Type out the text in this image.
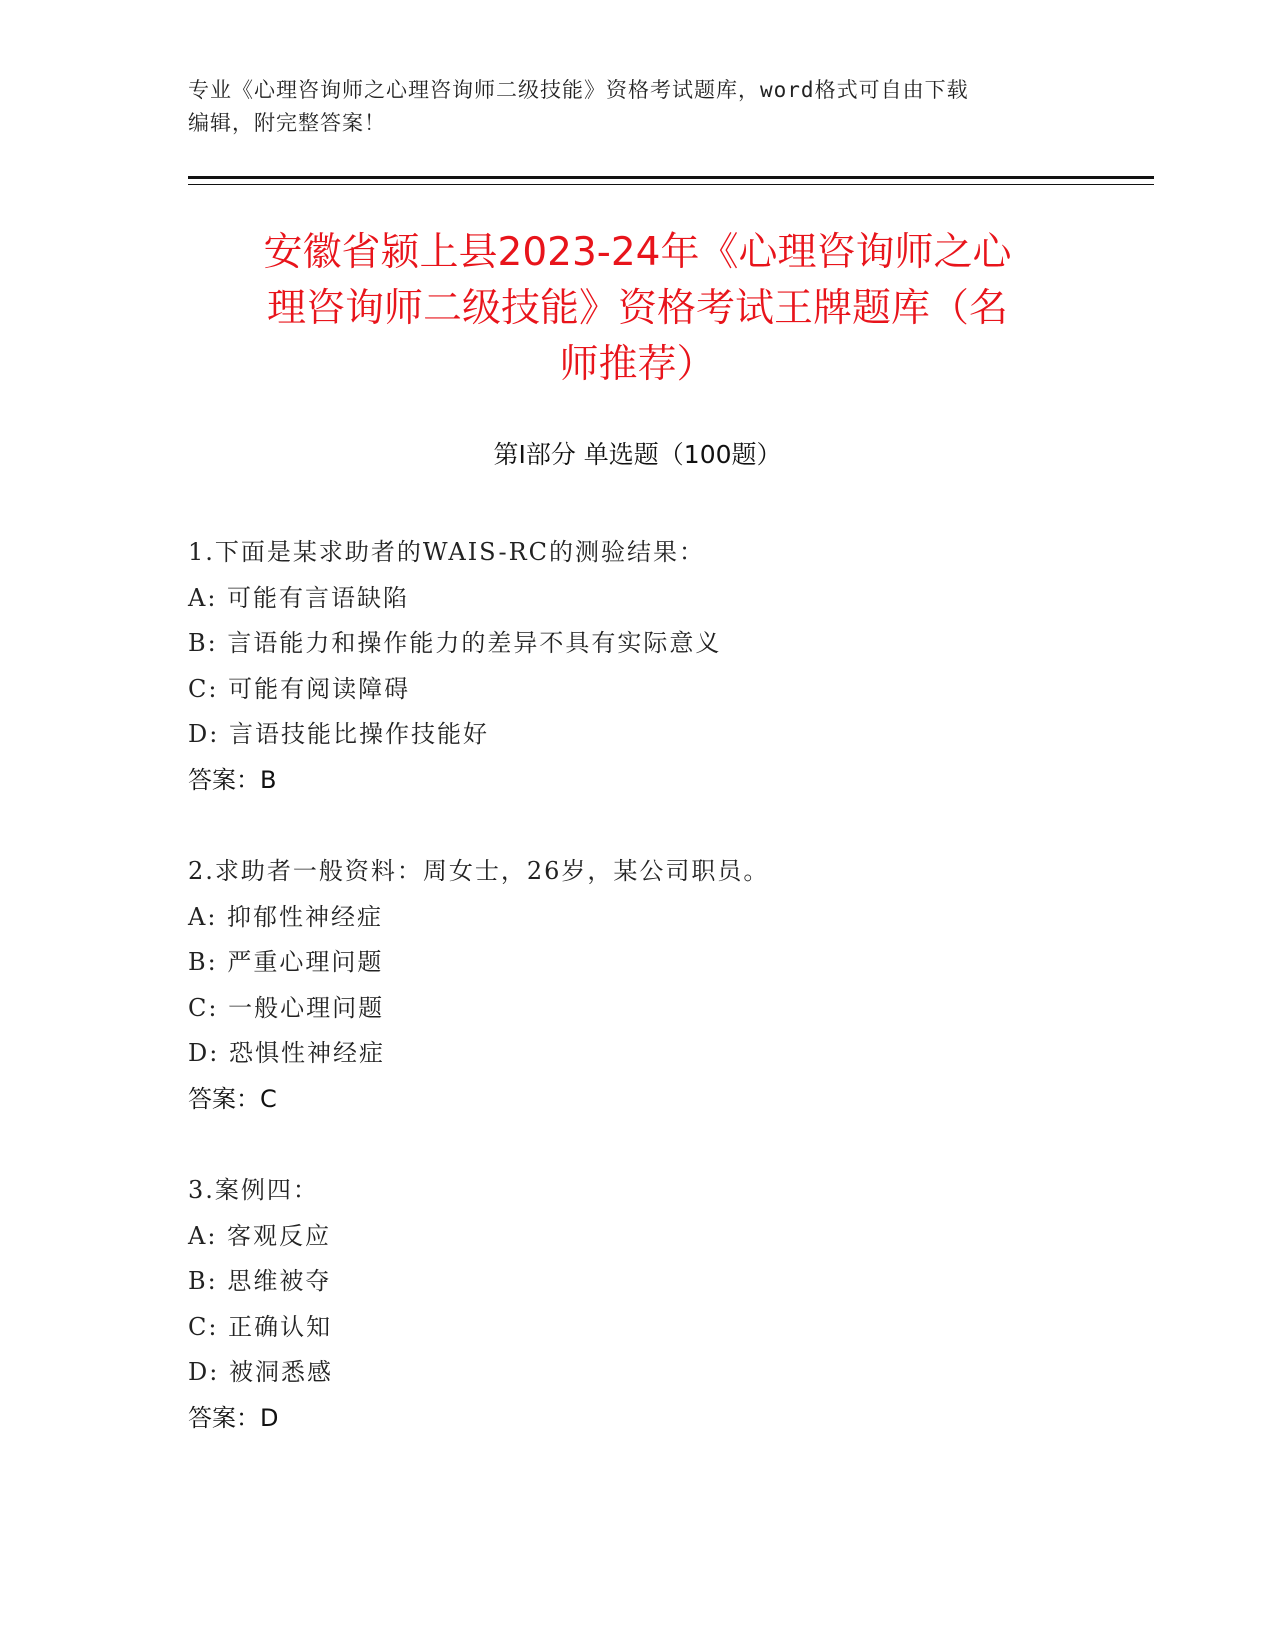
专业《心理咨询师之心理咨询师二级技能》资格考试题库，word格式可自由下载
编辑，附完整答案！
安徽省颍上县2023-24年《心理咨询师之心
理咨询师二级技能》资格考试王牌题库（名
师推荐）
第Ⅰ部分 单选题（100题）
1.下面是某求助者的WAIS-RC的测验结果：
A: 可能有言语缺陷
B: 言语能力和操作能力的差异不具有实际意义
C: 可能有阅读障碍
D: 言语技能比操作技能好
答案：B
2.求助者一般资料：周女士，26岁，某公司职员。
A: 抑郁性神经症
B: 严重心理问题
C: 一般心理问题
D: 恐惧性神经症
答案：C
3.案例四：
A: 客观反应
B: 思维被夺
C: 正确认知
D: 被洞悉感
答案：D
